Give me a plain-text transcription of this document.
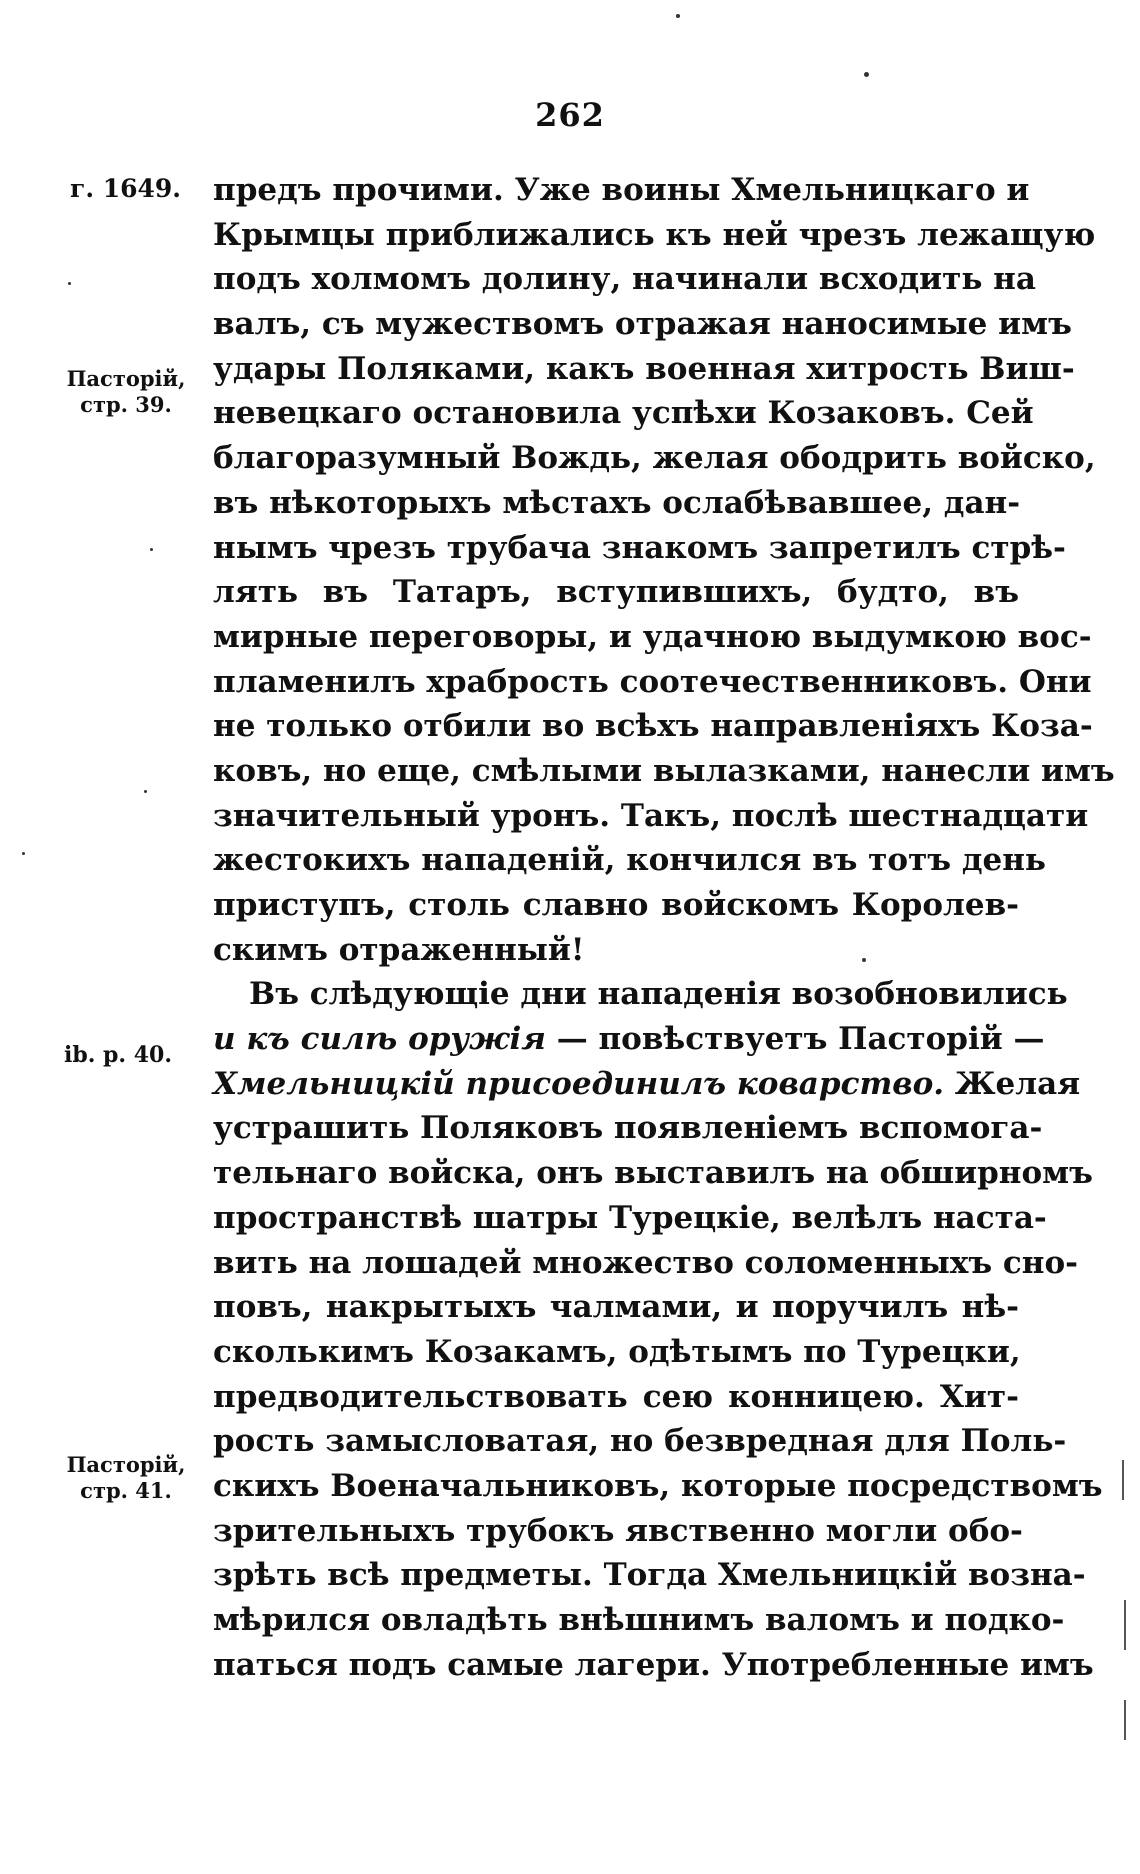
262
г. 1649.
Пасторій,
стр. 39.
ib. p. 40.
Пасторій,
стр. 41.
предъ прочими. Уже воины Хмельницкаго и
Крымцы приближались къ ней чрезъ лежащую
подъ холмомъ долину, начинали всходить на
валъ, съ мужествомъ отражая наносимые имъ
удары Поляками, какъ военная хитрость Виш-
невецкаго остановила успѣхи Козаковъ. Сей
благоразумный Вождь, желая ободрить войско,
въ нѣкоторыхъ мѣстахъ ослабѣвавшее, дан-
нымъ чрезъ трубача знакомъ запретилъ стрѣ-
лять въ Татаръ, вступившихъ, будто, въ
мирные переговоры, и удачною выдумкою вос-
пламенилъ храбрость соотечественниковъ. Они
не только отбили во всѣхъ направленіяхъ Коза-
ковъ, но еще, смѣлыми вылазками, нанесли имъ
значительный уронъ. Такъ, послѣ шестнадцати
жестокихъ нападеній, кончился въ тотъ день
приступъ, столь славно войскомъ Королев-
скимъ отраженный!
Въ слѣдующіе дни нападенія возобновились
и къ силѣ оружія — повѣствуетъ Пасторій —
Хмельницкій присоединилъ коварство. Желая
устрашить Поляковъ появленіемъ вспомога-
тельнаго войска, онъ выставилъ на обширномъ
пространствѣ шатры Турецкіе, велѣлъ наста-
вить на лошадей множество соломенныхъ сно-
повъ, накрытыхъ чалмами, и поручилъ нѣ-
сколькимъ Козакамъ, одѣтымъ по Турецки,
предводительствовать сею конницею. Хит-
рость замысловатая, но безвредная для Поль-
скихъ Военачальниковъ, которые посредствомъ
зрительныхъ трубокъ явственно могли обо-
зрѣть всѣ предметы. Тогда Хмельницкій возна-
мѣрился овладѣть внѣшнимъ валомъ и подко-
паться подъ самые лагери. Употребленные имъ
